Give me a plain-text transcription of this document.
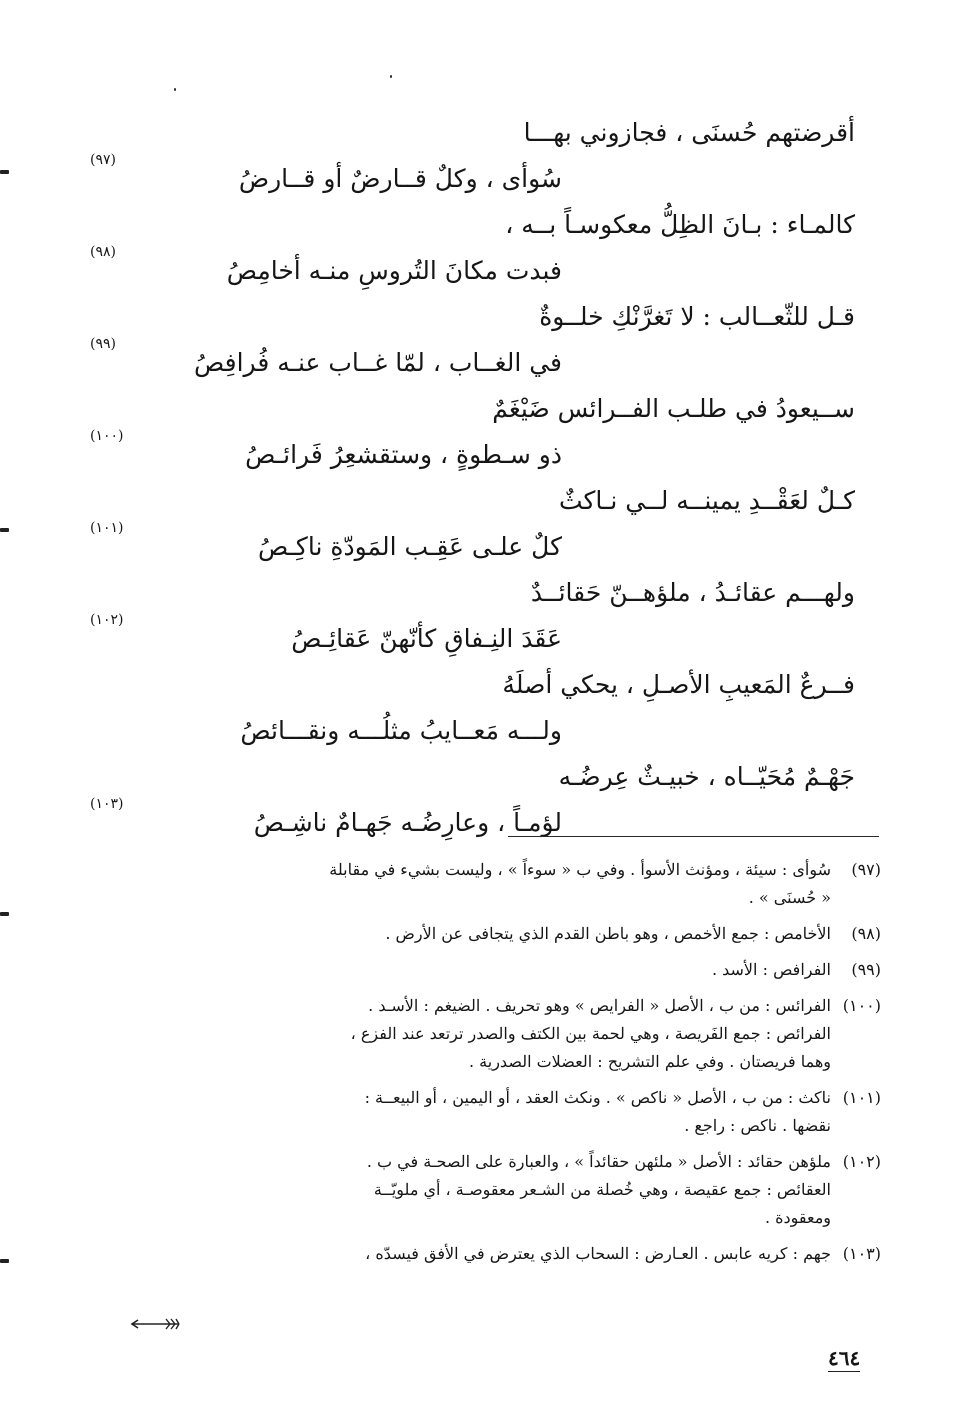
أقرضتهم حُسنَى ، فجازوني بهـــا
سُوأى ، وكلٌ قــارضٌ أو قــارضُ
(٩٧)
كالمـاء : بـانَ الظِلُّ معكوسـاً بــه ،
فبدت مكانَ التُروسِ منـه أخامِصُ
(٩٨)
قـل للثّعــالب : لا تَغرَّنْكِ خلــوةٌ
في الغــاب ، لمّا غــاب عنـه فُرافِصُ
(٩٩)
ســيعودُ في طلـب الفــرائس ضَيْغَمٌ
ذو سـطوةٍ ، وستقشعِرُ فَرائـصُ
(١٠٠)
كـلٌ لعَقْــدِ يمينــه لــي نـاكثٌ
كلٌ علـى عَقِـب المَودّةِ ناكِـصُ
(١٠١)
ولهـــم عقائـدُ ، ملؤهــنّ حَقائــدٌ
عَقَدَ النِـفاقِ كأنّهنّ عَقائِـصُ
(١٠٢)
فــرعٌ المَعيبِ الأصـلِ ، يحكي أصلَهُ
ولـــه مَعــايبُ مثلُـــه ونقـــائصُ
جَهْـمٌ مُحَيّــاه ، خبيـثٌ عِرضُـه
لؤمـاً ، وعارِضُـه جَهـامٌ ناشِـصُ
(١٠٣)
(٩٧)
سُوأى : سيئة ، ومؤنث الأسوأ . وفي ب « سوءاً » ، وليست بشيء في مقابلة
« حُسنَى » .
(٩٨)
الأخامص : جمع الأخمص ، وهو باطن القدم الذي يتجافى عن الأرض .
(٩٩)
الفرافص : الأسد .
(١٠٠)
الفرائس : من ب ، الأصل « الفرايص » وهو تحريف . الضيغم : الأسـد .
الفرائص : جمع الفَريصة ، وهي لحمة بين الكتف والصدر ترتعد عند الفزع ،
وهما فريصتان . وفي علم التشريح : العضلات الصدرية .
(١٠١)
ناكث : من ب ، الأصل « ناكص » . ونكث العقد ، أو اليمين ، أو البيعــة :
نقضها . ناكص : راجع .
(١٠٢)
ملؤهن حقائد : الأصل « ملئهن حقائداً » ، والعبارة على الصحـة في ب .
العقائص : جمع عقيصة ، وهي خُصلة من الشـعر معقوصـة ، أي ملويّــة
ومعقودة .
(١٠٣)
جهم : كريه عابس . العـارض : السحاب الذي يعترض في الأفق فيسدّه ،
٤٦٤
